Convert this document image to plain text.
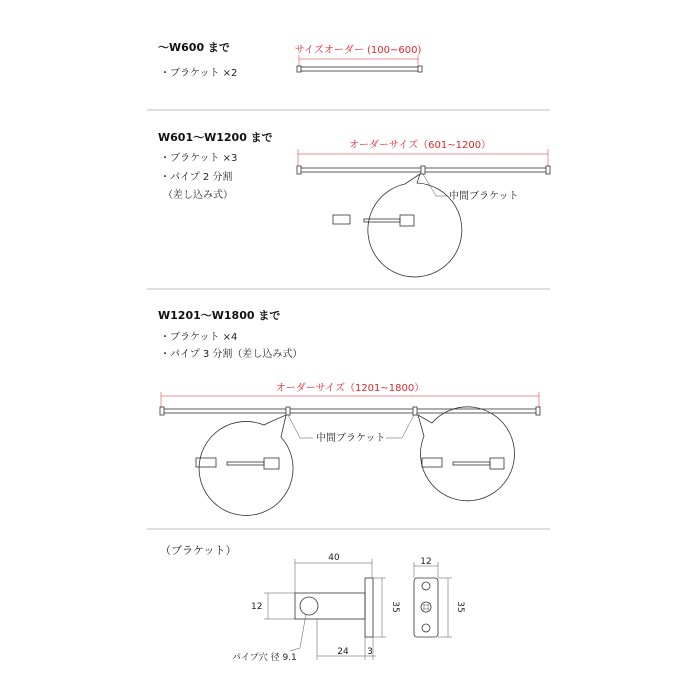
～W600 まで
・ブラケット ×2
サイズオーダー (100~600)
W601～W1200 まで
・ブラケット ×3
・パイプ 2 分割
（差し込み式）
オーダーサイズ（601~1200）
中間ブラケット
W1201～W1800 まで
・ブラケット ×4
・パイプ 3 分割（差し込み式）
オーダーサイズ（1201~1800）
中間ブラケット
（ブラケット）
40
12	35
24 3
パイプ穴 径 9.1
12
35
